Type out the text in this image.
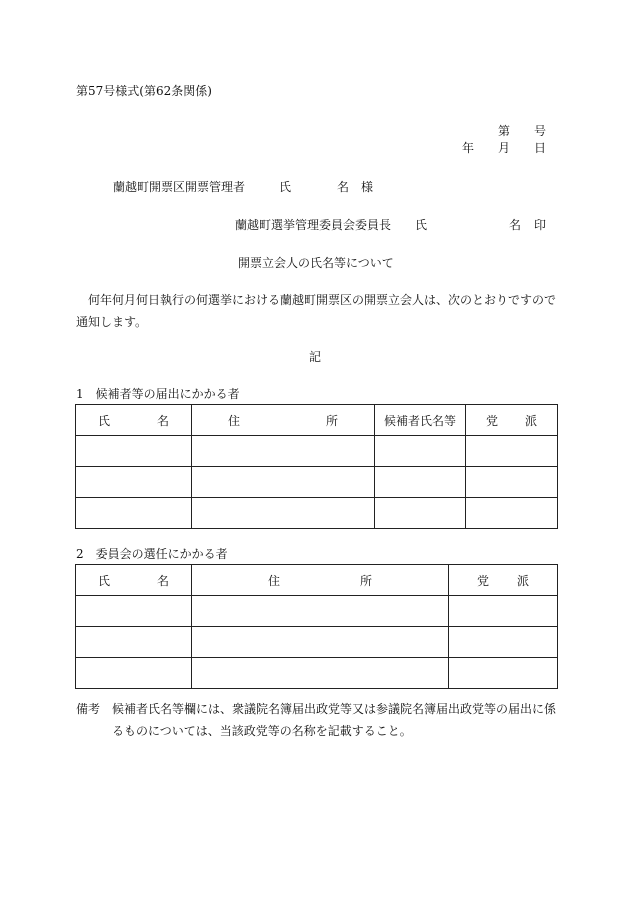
第57号様式(第62条関係)
第 号
年 月 日
蘭越町開票区開票管理者	氏	名 様
蘭越町選挙管理委員会委員長 氏	名 印
開票立会人の氏名等について
何年何月何日執行の何選挙における蘭越町開票区の開票立会人は、次のとおりですので通知します。
記
1　候補者等の届出にかかる者
氏 名	住 所	候補者氏名等	党 派

2　委員会の選任にかかる者
氏 名	住 所	党 派

備考 候補者氏名等欄には、衆議院名簿届出政党等又は参議院名簿届出政党等の届出に係るものについては、当該政党等の名称を記載すること。
